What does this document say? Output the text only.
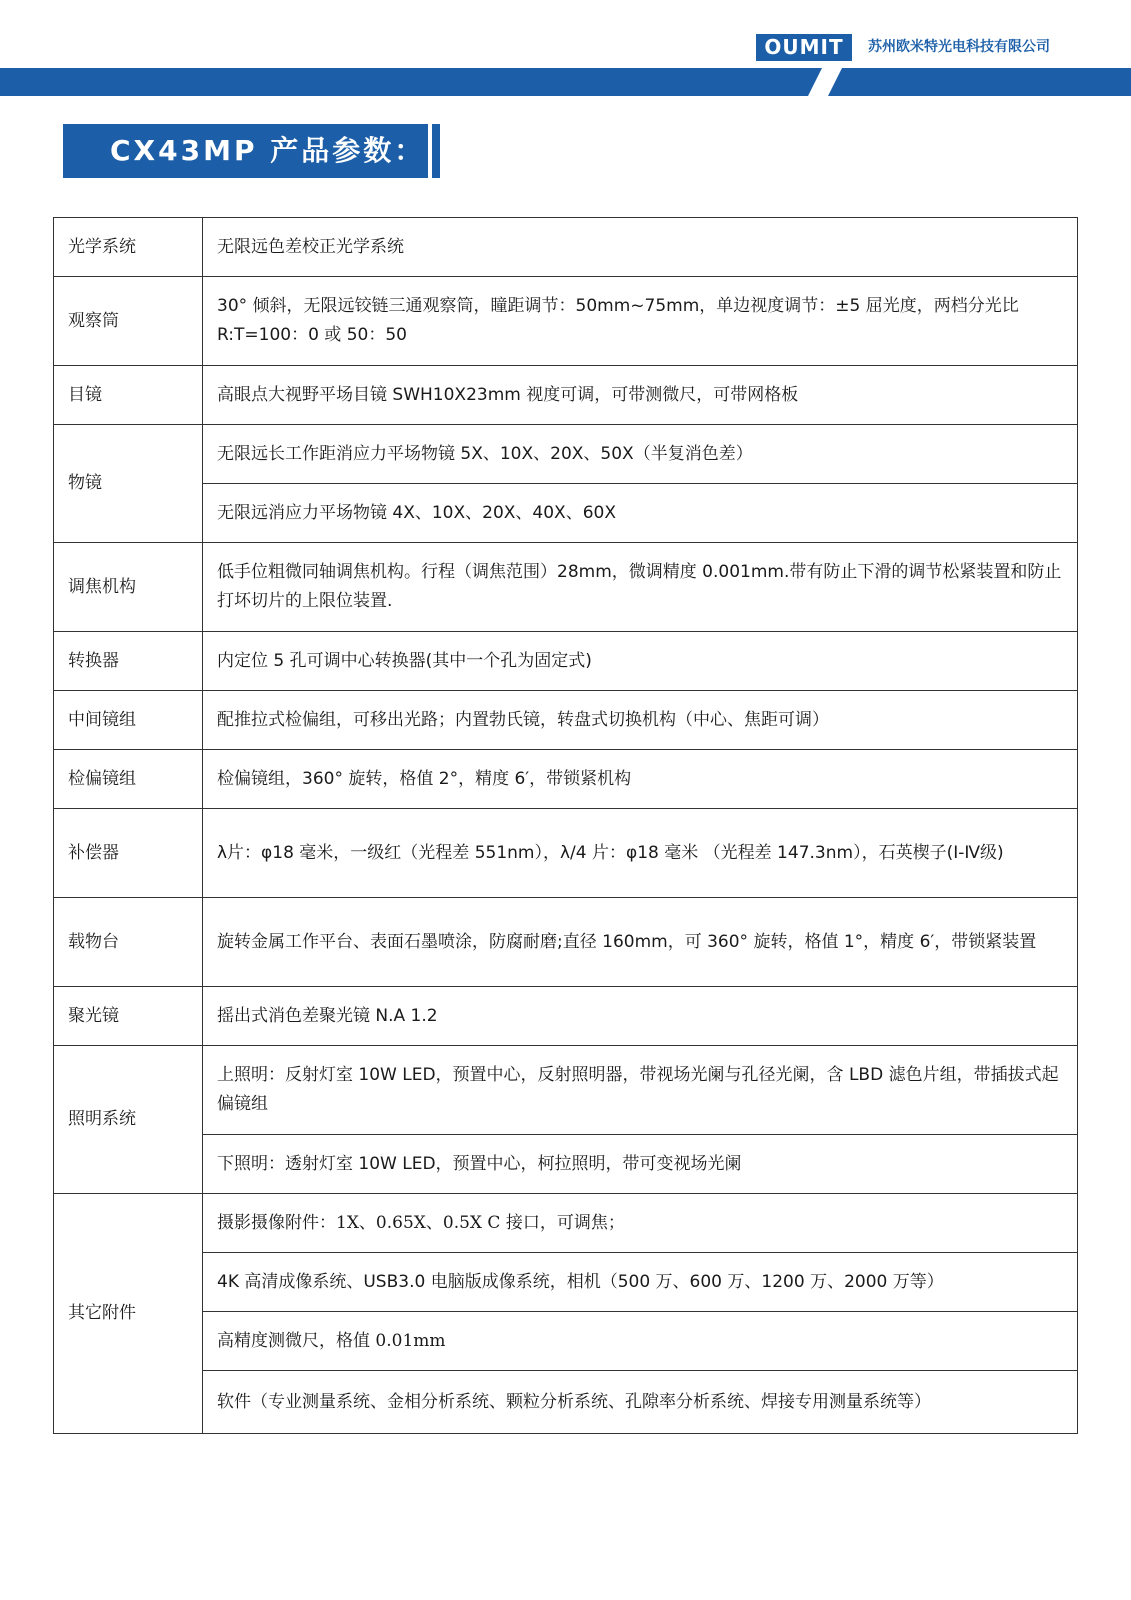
OUMIT	苏州欧米特光电科技有限公司
CX43MP 产品参数：
光学系统	无限远色差校正光学系统
观察筒	30° 倾斜，无限远铰链三通观察筒，瞳距调节：50mm~75mm，单边视度调节：±5 屈光度，两档分光比 R:T=100：0 或 50：50
目镜	高眼点大视野平场目镜 SWH10X23mm 视度可调，可带测微尺，可带网格板
物镜	无限远长工作距消应力平场物镜 5X、10X、20X、50X（半复消色差）
	无限远消应力平场物镜 4X、10X、20X、40X、60X
调焦机构	低手位粗微同轴调焦机构。行程（调焦范围）28mm，微调精度 0.001mm.带有防止下滑的调节松紧装置和防止打坏切片的上限位装置.
转换器	内定位 5 孔可调中心转换器(其中一个孔为固定式)
中间镜组	配推拉式检偏组，可移出光路；内置勃氏镜，转盘式切换机构（中心、焦距可调）
检偏镜组	检偏镜组，360° 旋转，格值 2°，精度 6′，带锁紧机构
补偿器	λ片：φ18 毫米，一级红（光程差 551nm），λ/4 片：φ18 毫米 （光程差 147.3nm），石英楔子(Ⅰ-Ⅳ级)
载物台	旋转金属工作平台、表面石墨喷涂，防腐耐磨;直径 160mm，可 360° 旋转，格值 1°，精度 6′，带锁紧装置
聚光镜	摇出式消色差聚光镜 N.A 1.2
照明系统	上照明：反射灯室 10W LED，预置中心，反射照明器，带视场光阑与孔径光阑，含 LBD 滤色片组，带插拔式起偏镜组
	下照明：透射灯室 10W LED，预置中心，柯拉照明，带可变视场光阑
其它附件	摄影摄像附件：1X、0.65X、0.5X C 接口，可调焦；
	4K 高清成像系统、USB3.0 电脑版成像系统，相机（500 万、600 万、1200 万、2000 万等）
	高精度测微尺，格值 0.01mm
	软件（专业测量系统、金相分析系统、颗粒分析系统、孔隙率分析系统、焊接专用测量系统等）
